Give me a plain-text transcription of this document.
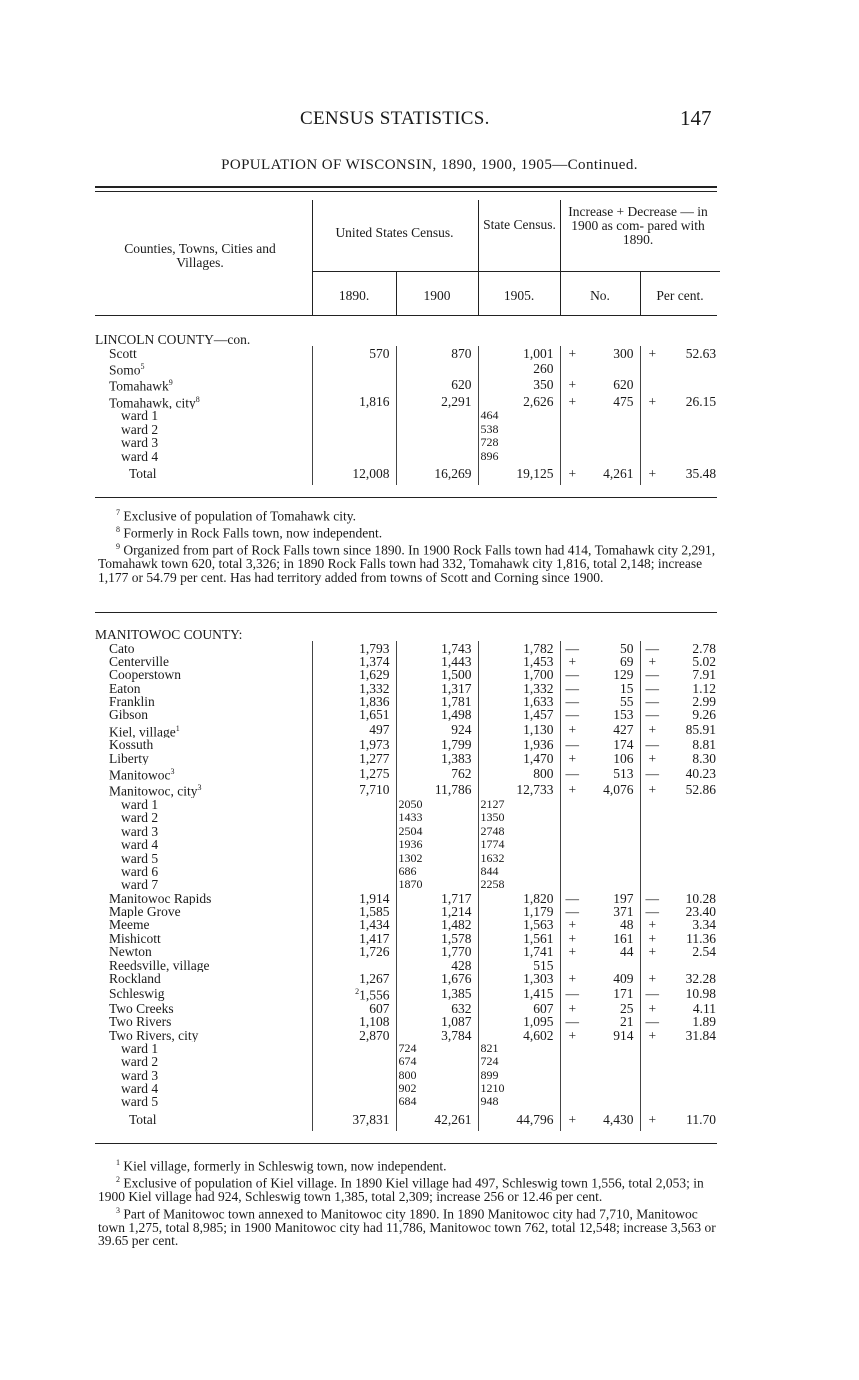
CENSUS STATISTICS.	147
POPULATION OF WISCONSIN, 1890, 1900, 1905—Continued.
Counties, Towns, Cities and Villages.
United States Census.
State Census.
Increase + Decrease — in 1900 as com- pared with 1890.
1890.	1900	1905.	No.	Per cent.
LINCOLN COUNTY—con.							
Scott	570	870	1,001	+	300	+	52.63
Somo$^5$			260				
Tomahawk$^9$		620	350	+	620		
Tomahawk, city$^8$	1,816	2,291	2,626	+	475	+	26.15
ward 1			464				
ward 2			538				
ward 3			728				
ward 4			896				
Total	12,008	16,269	19,125	+	4,261	+	35.48

$^7$ Exclusive of population of Tomahawk city.

$^8$ Formerly in Rock Falls town, now independent.

$^9$ Organized from part of Rock Falls town since 1890. In 1900 Rock Falls town had 414, Tomahawk city 2,291, Tomahawk town 620, total 3,326; in 1890 Rock Falls town had 332, Tomahawk city 1,816, total 2,148; increase 1,177 or 54.79 per cent. Has had territory added from towns of Scott and Corning since 1900.

MANITOWOC COUNTY:							
Cato	1,793	1,743	1,782	—	50	—	2.78
Centerville	1,374	1,443	1,453	+	69	+	5.02
Cooperstown	1,629	1,500	1,700	—	129	—	7.91
Eaton	1,332	1,317	1,332	—	15	—	1.12
Franklin	1,836	1,781	1,633	—	55	—	2.99
Gibson	1,651	1,498	1,457	—	153	—	9.26
Kiel, village$^1$	497	924	1,130	+	427	+	85.91
Kossuth	1,973	1,799	1,936	—	174	—	8.81
Liberty	1,277	1,383	1,470	+	106	+	8.30
Manitowoc$^3$	1,275	762	800	—	513	—	40.23
Manitowoc, city$^3$	7,710	11,786	12,733	+	4,076	+	52.86
ward 1		2050	2127				
ward 2		1433	1350				
ward 3		2504	2748				
ward 4		1936	1774				
ward 5		1302	1632				
ward 6		686	844				
ward 7		1870	2258				
Manitowoc Rapids	1,914	1,717	1,820	—	197	—	10.28
Maple Grove	1,585	1,214	1,179	—	371	—	23.40
Meeme	1,434	1,482	1,563	+	48	+	3.34
Mishicott	1,417	1,578	1,561	+	161	+	11.36
Newton	1,726	1,770	1,741	+	44	+	2.54
Reedsville, village		428	515				
Rockland	1,267	1,676	1,303	+	409	+	32.28
Schleswig	$^2$1,556	1,385	1,415	—	171	—	10.98
Two Creeks	607	632	607	+	25	+	4.11
Two Rivers	1,108	1,087	1,095	—	21	—	1.89
Two Rivers, city	2,870	3,784	4,602	+	914	+	31.84
ward 1		724	821				
ward 2		674	724				
ward 3		800	899				
ward 4		902	1210				
ward 5		684	948				
Total	37,831	42,261	44,796	+	4,430	+	11.70

$^1$ Kiel village, formerly in Schleswig town, now independent.

$^2$ Exclusive of population of Kiel village. In 1890 Kiel village had 497, Schleswig town 1,556, total 2,053; in 1900 Kiel village had 924, Schleswig town 1,385, total 2,309; increase 256 or 12.46 per cent.

$^3$ Part of Manitowoc town annexed to Manitowoc city 1890. In 1890 Manitowoc city had 7,710, Manitowoc town 1,275, total 8,985; in 1900 Manitowoc city had 11,786, Manitowoc town 762, total 12,548; increase 3,563 or 39.65 per cent.
